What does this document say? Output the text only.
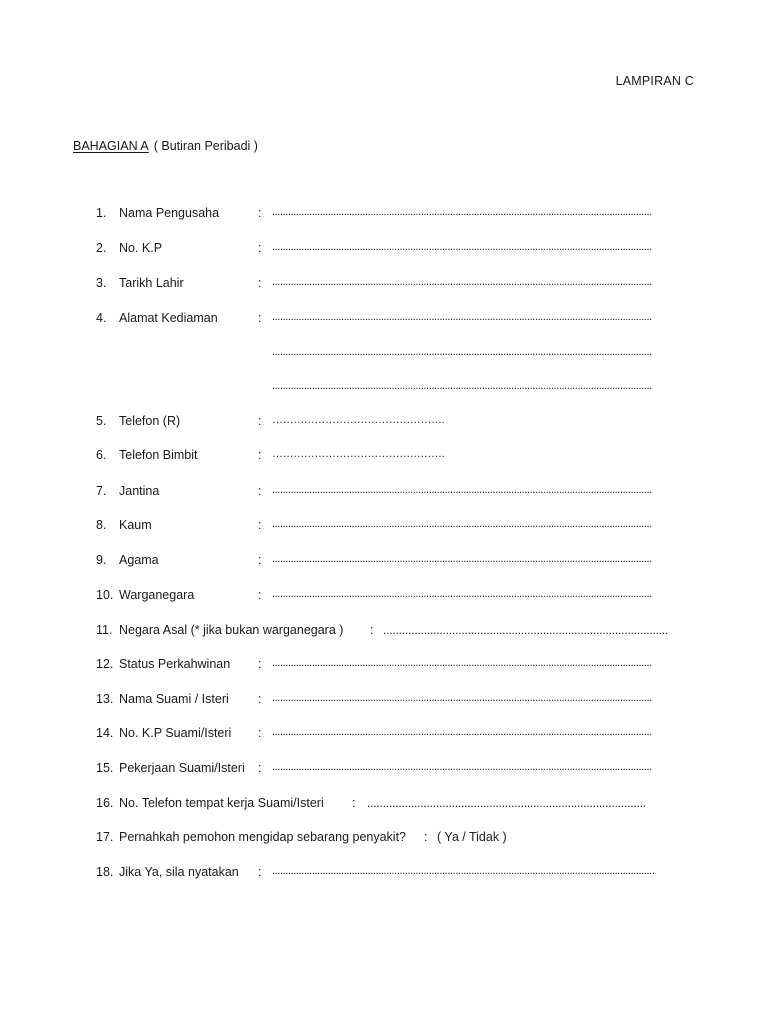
LAMPIRAN C
BAHAGIAN A ( Butiran Peribadi )
1.	Nama Pengusaha	: ...............................................................................................................................................
2.	No. K.P	: ...............................................................................................................................................
3.	Tarikh Lahir	: ...............................................................................................................................................
4.	Alamat Kediaman	: ...............................................................................................................................................
...............................................................................................................................................
...............................................................................................................................................
5.	Telefon (R)	: ………………………………………….
6.	Telefon Bimbit	: ………………………………………….
7.	Jantina	: ...............................................................................................................................................
8.	Kaum	: ...............................................................................................................................................
9.	Agama	: ...............................................................................................................................................
10. Warganegara	: ...............................................................................................................................................
11. Negara Asal (* jika bukan warganegara ) : ...........................................................................................
12. Status Perkahwinan : ...............................................................................................................................................
13. Nama Suami / Isteri : ...............................................................................................................................................
14. No. K.P Suami/Isteri : ...............................................................................................................................................
15. Pekerjaan Suami/Isteri : ...............................................................................................................................................
16. No. Telefon tempat kerja Suami/Isteri : .........................................................................................
17. Pernahkah pemohon mengidap sebarang penyakit? : ( Ya / Tidak )
18. Jika Ya, sila nyatakan : ................................................................................................................................................
